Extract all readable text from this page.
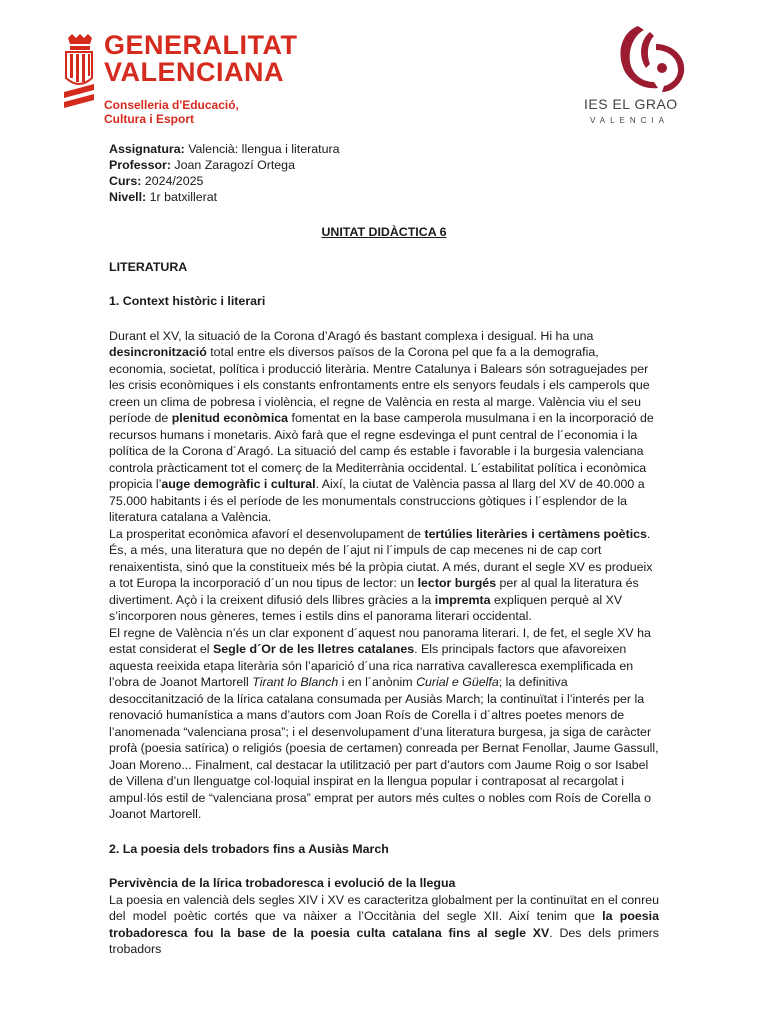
GENERALITAT
VALENCIANA
Conselleria d'Educació,
Cultura i Esport
IES EL GRAO
VALENCIA
Assignatura: Valencià: llengua i literatura
Professor: Joan Zaragozí Ortega
Curs: 2024/2025
Nivell: 1r batxillerat
UNITAT DIDÀCTICA 6
LITERATURA
1. Context històric i literari

Durant el XV, la situació de la Corona d’Aragó és bastant complexa i desigual. Hi ha una desincronització total entre els diversos països de la Corona pel que fa a la demografia, economia, societat, política i producció literària. Mentre Catalunya i Balears són sotraguejades per les crisis econòmiques i els constants enfrontaments entre els senyors feudals i els camperols que creen un clima de pobresa i violència, el regne de València en resta al marge. València viu el seu període de plenitud econòmica fomentat en la base camperola musulmana i en la incorporació de recursos humans i monetaris. Això farà que el regne esdevinga el punt central de l´economia i la política de la Corona d´Aragó. La situació del camp és estable i favorable i la burgesia valenciana controla pràcticament tot el comerç de la Mediterrània occidental. L´estabilitat política i econòmica propicia l’auge demogràfic i cultural. Així, la ciutat de València passa al llarg del XV de 40.000 a 75.000 habitants i és el període de les monumentals construccions gòtiques i l´esplendor de la literatura catalana a València.

La prosperitat econòmica afavorí el desenvolupament de tertúlies literàries i certàmens poètics. És, a més, una literatura que no depén de l´ajut ni l´impuls de cap mecenes ni de cap cort renaixentista, sinó que la constitueix més bé la pròpia ciutat. A més, durant el segle XV es produeix a tot Europa la incorporació d´un nou tipus de lector: un lector burgés per al qual la literatura és divertiment. Açò i la creixent difusió dels llibres gràcies a la impremta expliquen perquè al XV s’incorporen nous gèneres, temes i estils dins el panorama literari occidental.

El regne de València n’és un clar exponent d´aquest nou panorama literari. I, de fet, el segle XV ha estat considerat el Segle d´Or de les lletres catalanes. Els principals factors que afavoreixen aquesta reeixida etapa literària són l’aparició d´una rica narrativa cavalleresca exemplificada en l’obra de Joanot Martorell Tirant lo Blanch i en l´anònim Curial e Güelfa; la definitiva desoccitanització de la lírica catalana consumada per Ausiàs March; la continuïtat i l’interés per la renovació humanística a mans d’autors com Joan Roís de Corella i d´altres poetes menors de l’anomenada “valenciana prosa”; i el desenvolupament d’una literatura burgesa, ja siga de caràcter profà (poesia satírica) o religiós (poesia de certamen) conreada per Bernat Fenollar, Jaume Gassull, Joan Moreno... Finalment, cal destacar la utilització per part d’autors com Jaume Roig o sor Isabel de Villena d’un llenguatge col·loquial inspirat en la llengua popular i contraposat al recargolat i ampul·lós estil de “valenciana prosa” emprat per autors més cultes o nobles com Roís de Corella o Joanot Martorell.

2. La poesia dels trobadors fins a Ausiàs March
Pervivència de la lírica trobadoresca i evolució de la llegua

La poesia en valencià dels segles XIV i XV es caracteritza globalment per la continuïtat en el conreu del model poètic cortés que va nàixer a l’Occitània del segle XII. Així tenim que la poesia trobadoresca fou la base de la poesia culta catalana fins al segle XV. Des dels primers trobadors
